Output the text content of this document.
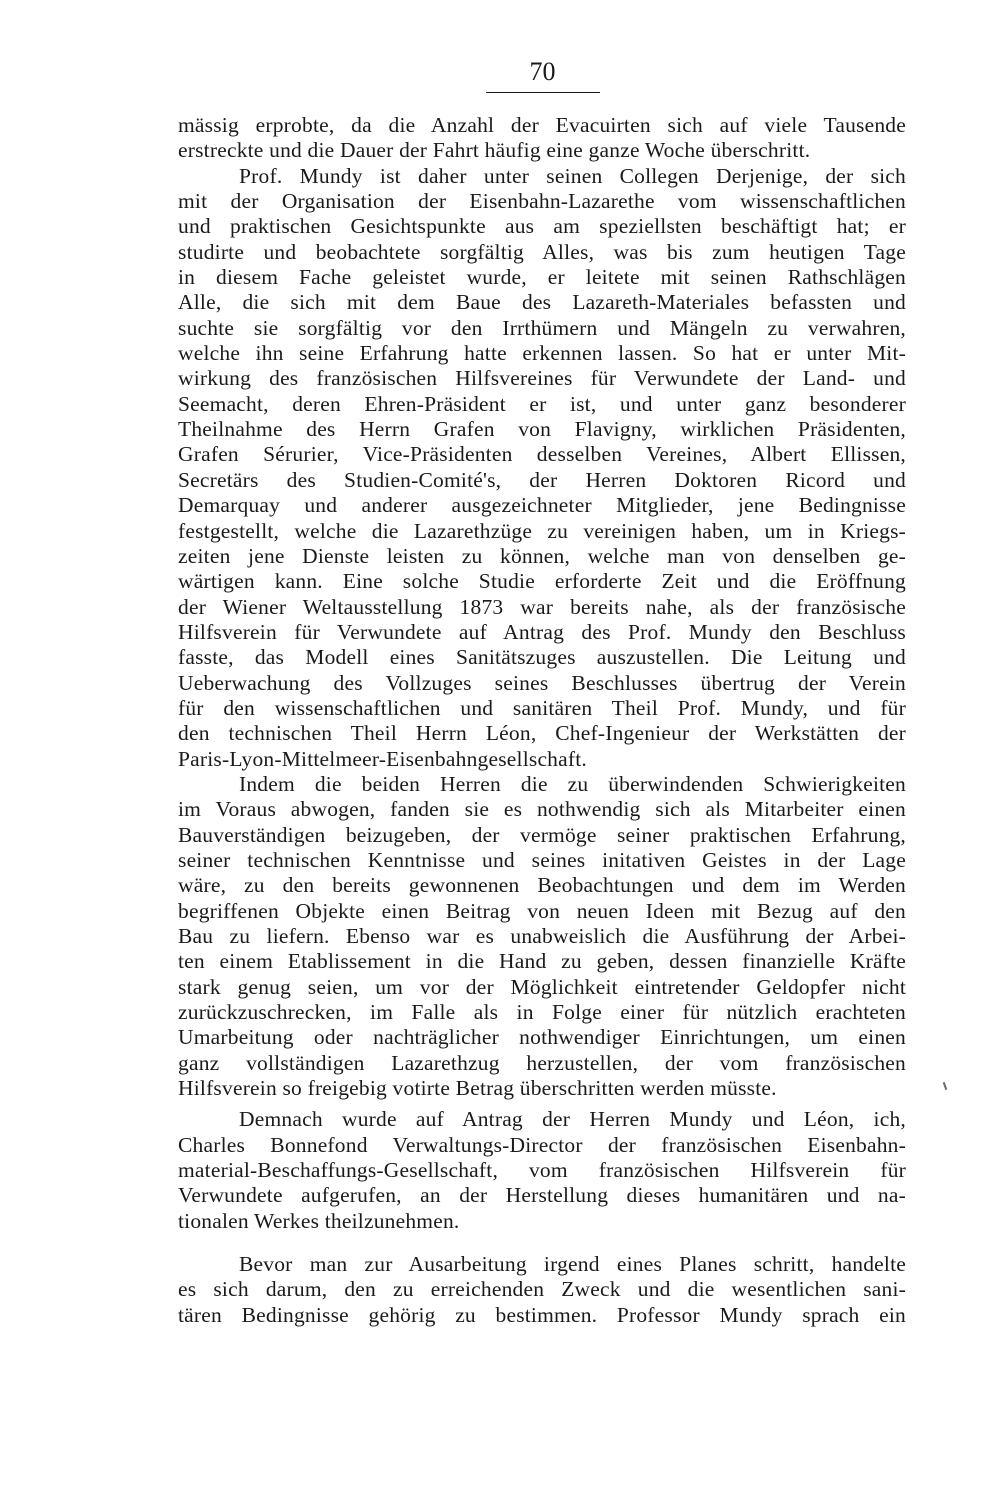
70
mässig erprobte, da die Anzahl der Evacuirten sich auf viele Tausende
erstreckte und die Dauer der Fahrt häufig eine ganze Woche überschritt.
Prof. Mundy ist daher unter seinen Collegen Derjenige, der sich
mit der Organisation der Eisenbahn-Lazarethe vom wissenschaftlichen
und praktischen Gesichtspunkte aus am speziellsten beschäftigt hat; er
studirte und beobachtete sorgfältig Alles, was bis zum heutigen Tage
in diesem Fache geleistet wurde, er leitete mit seinen Rathschlägen
Alle, die sich mit dem Baue des Lazareth-Materiales befassten und
suchte sie sorgfältig vor den Irrthümern und Mängeln zu verwahren,
welche ihn seine Erfahrung hatte erkennen lassen. So hat er unter Mit-
wirkung des französischen Hilfsvereines für Verwundete der Land- und
Seemacht, deren Ehren-Präsident er ist, und unter ganz besonderer
Theilnahme des Herrn Grafen von Flavigny, wirklichen Präsidenten,
Grafen Sérurier, Vice-Präsidenten desselben Vereines, Albert Ellissen,
Secretärs des Studien-Comité's, der Herren Doktoren Ricord und
Demarquay und anderer ausgezeichneter Mitglieder, jene Bedingnisse
festgestellt, welche die Lazarethzüge zu vereinigen haben, um in Kriegs-
zeiten jene Dienste leisten zu können, welche man von denselben ge-
wärtigen kann. Eine solche Studie erforderte Zeit und die Eröffnung
der Wiener Weltausstellung 1873 war bereits nahe, als der französische
Hilfsverein für Verwundete auf Antrag des Prof. Mundy den Beschluss
fasste, das Modell eines Sanitätszuges auszustellen. Die Leitung und
Ueberwachung des Vollzuges seines Beschlusses übertrug der Verein
für den wissenschaftlichen und sanitären Theil Prof. Mundy, und für
den technischen Theil Herrn Léon, Chef-Ingenieur der Werkstätten der
Paris-Lyon-Mittelmeer-Eisenbahngesellschaft.
Indem die beiden Herren die zu überwindenden Schwierigkeiten
im Voraus abwogen, fanden sie es nothwendig sich als Mitarbeiter einen
Bauverständigen beizugeben, der vermöge seiner praktischen Erfahrung,
seiner technischen Kenntnisse und seines initativen Geistes in der Lage
wäre, zu den bereits gewonnenen Beobachtungen und dem im Werden
begriffenen Objekte einen Beitrag von neuen Ideen mit Bezug auf den
Bau zu liefern. Ebenso war es unabweislich die Ausführung der Arbei-
ten einem Etablissement in die Hand zu geben, dessen finanzielle Kräfte
stark genug seien, um vor der Möglichkeit eintretender Geldopfer nicht
zurückzuschrecken, im Falle als in Folge einer für nützlich erachteten
Umarbeitung oder nachträglicher nothwendiger Einrichtungen, um einen
ganz vollständigen Lazarethzug herzustellen, der vom französischen
Hilfsverein so freigebig votirte Betrag überschritten werden müsste.
Demnach wurde auf Antrag der Herren Mundy und Léon, ich,
Charles Bonnefond Verwaltungs-Director der französischen Eisenbahn-
material-Beschaffungs-Gesellschaft, vom französischen Hilfsverein für
Verwundete aufgerufen, an der Herstellung dieses humanitären und na-
tionalen Werkes theilzunehmen.
Bevor man zur Ausarbeitung irgend eines Planes schritt, handelte
es sich darum, den zu erreichenden Zweck und die wesentlichen sani-
tären Bedingnisse gehörig zu bestimmen. Professor Mundy sprach ein
